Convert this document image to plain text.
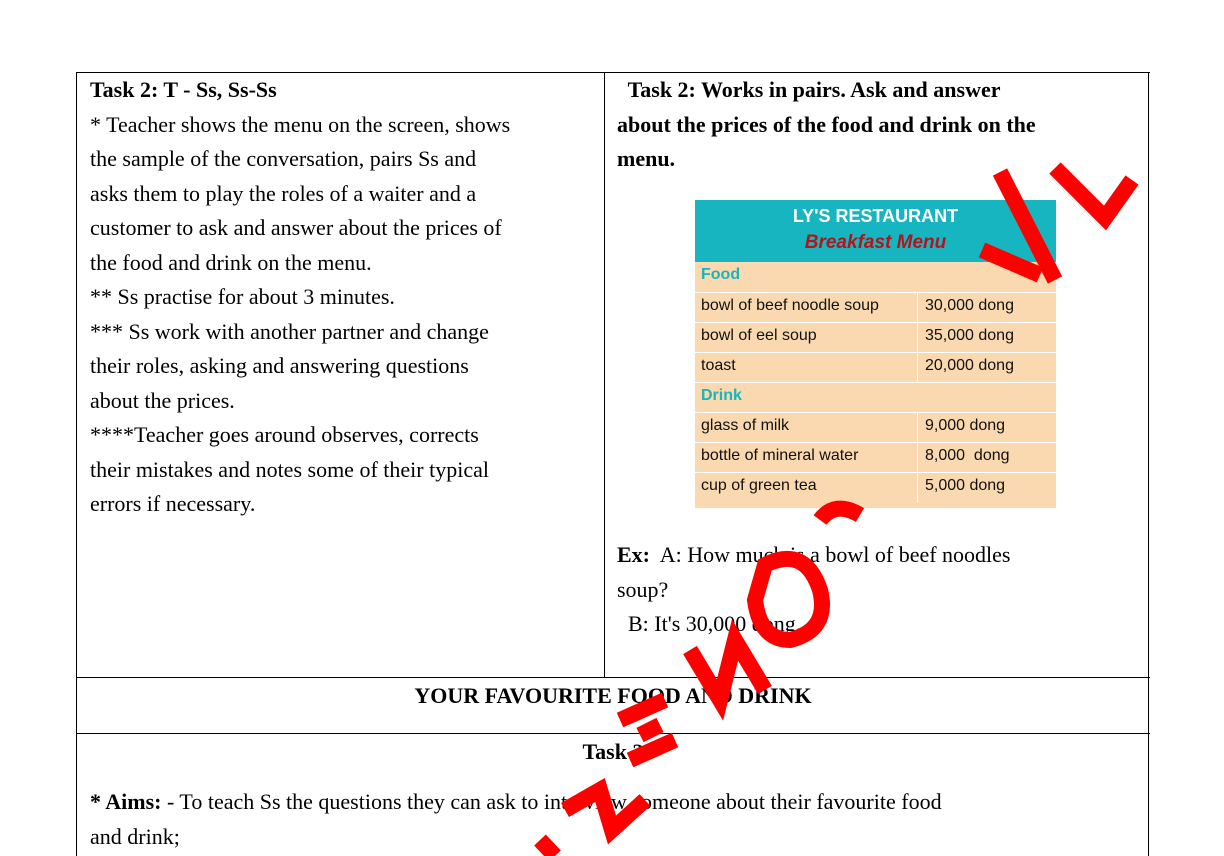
Task 2: T - Ss, Ss-Ss

* Teacher shows the menu on the screen, shows

the sample of the conversation, pairs Ss and

asks them to play the roles of a waiter and a

customer to ask and answer about the prices of

the food and drink on the menu.

** Ss practise for about 3 minutes.

*** Ss work with another partner and change

their roles, asking and answering questions

about the prices.

****Teacher goes around observes, corrects

their mistakes and notes some of their typical

errors if necessary.

Task 2: Works in pairs. Ask and answer

about the prices of the food and drink on the

menu.

LY'S RESTAURANT
Breakfast Menu
Food
bowl of beef noodle soup	30,000 dong
bowl of eel soup	35,000 dong
toast	20,000 dong
Drink
glass of milk	9,000 dong
bottle of mineral water	8,000  dong
cup of green tea	5,000 dong

Ex:  A: How much is a bowl of beef noodles

soup?

B: It's 30,000 dong.

YOUR FAVOURITE FOOD AND DRINK
Task 3

* Aims: - To teach Ss the questions they can ask to interview someone about their favourite food

and drink;
